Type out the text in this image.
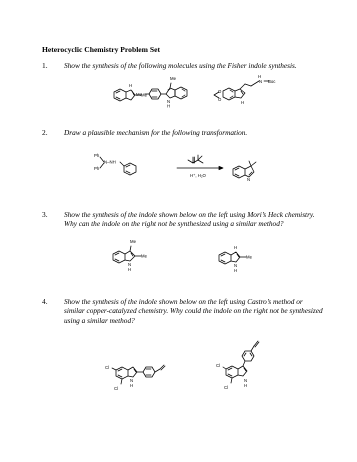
Heterocyclic Chemistry Problem Set
1. Show the synthesis of the following molecules using the Fisher indole synthesis.
2. Draw a plausible mechanism for the following transformation.
3. Show the synthesis of the indole shown below on the left using Mori’s Heck chemistry. Why can the indole on the right not be synthesized using a similar method?
4. Show the synthesis of the indole shown below on the left using Castro’s method or similar copper-catalyzed chemistry. Why could the indole on the right not be synthesized using a similar method?
H
Me
Me
Me
N
H
O
O
N
H
Boc
H
Ph
Ph
N–NH
H⁺, H₂O
N
Me
Me
N
H
Me
H
N
H
Cl
Cl
N
H
Cl
Cl
N
H
